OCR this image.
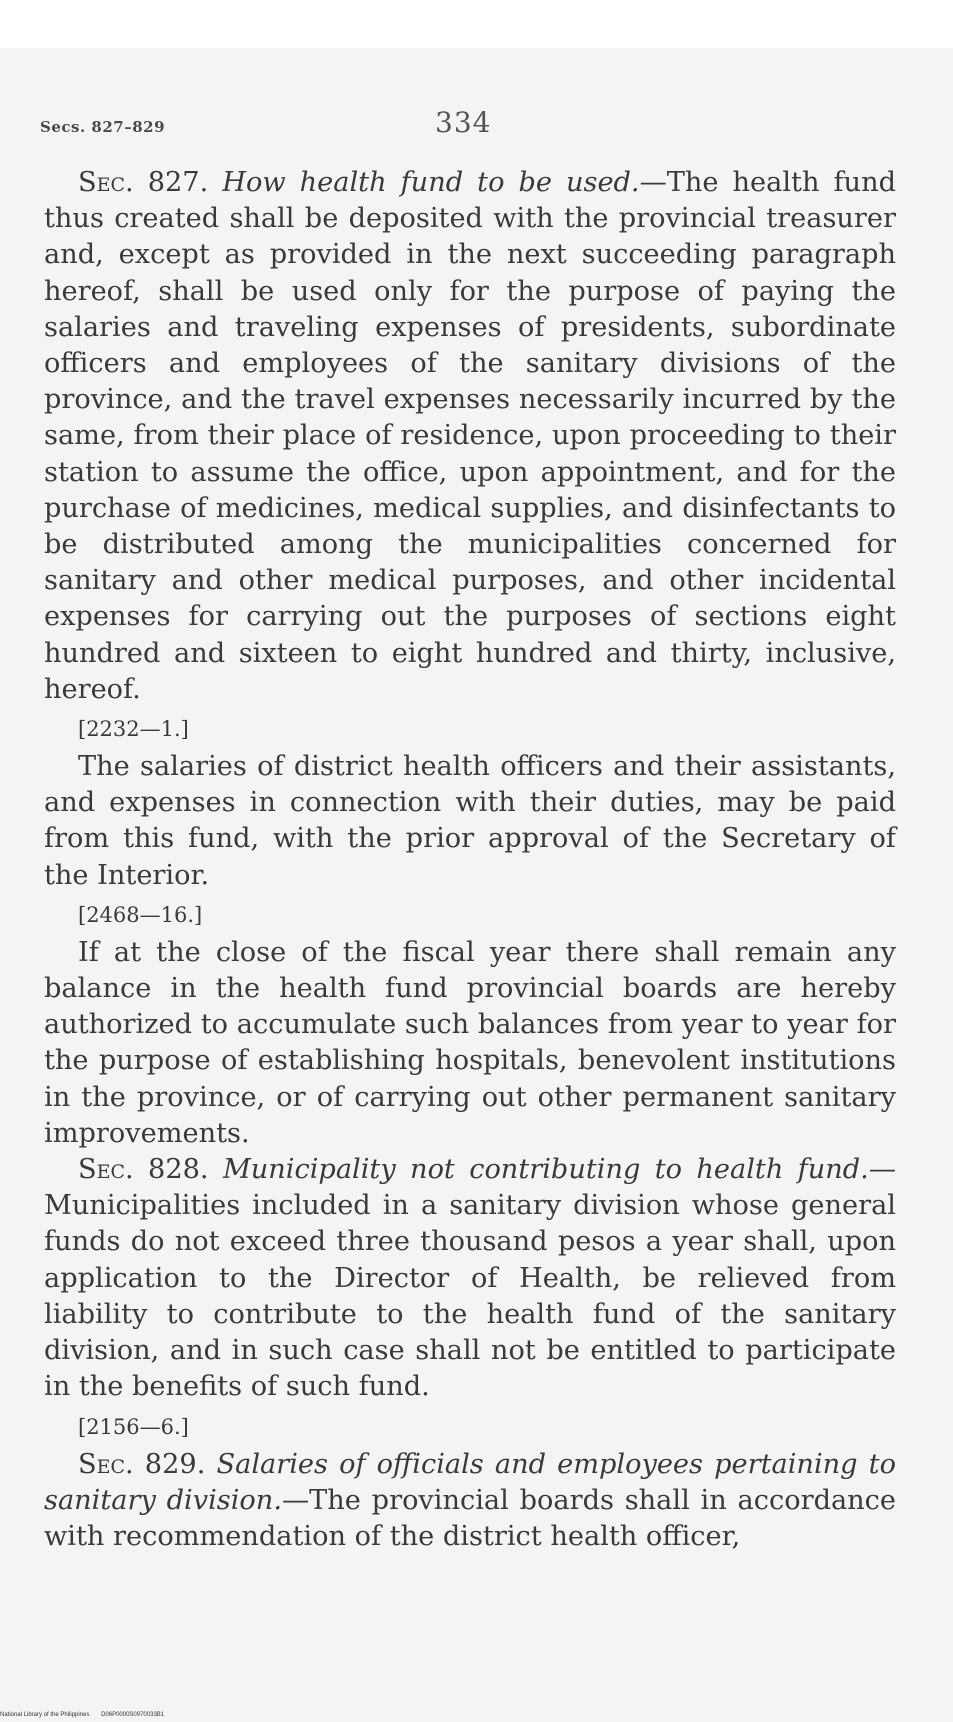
Secs. 827–829	334

Sec. 827. How health fund to be used.—The health fund thus created shall be deposited with the provincial treasurer and, except as provided in the next succeeding paragraph hereof, shall be used only for the purpose of paying the salaries and traveling expenses of presidents, subordinate officers and employees of the sanitary divisions of the province, and the travel expenses necessarily incurred by the same, from their place of residence, upon proceeding to their station to assume the office, upon appointment, and for the purchase of medicines, medical supplies, and disinfectants to be distributed among the municipalities concerned for sanitary and other medical purposes, and other incidental expenses for carrying out the purposes of sections eight hundred and sixteen to eight hundred and thirty, inclusive, hereof.

[2232—1.]

The salaries of district health officers and their assistants, and expenses in connection with their duties, may be paid from this fund, with the prior approval of the Secretary of the Interior.

[2468—16.]

If at the close of the fiscal year there shall remain any balance in the health fund provincial boards are hereby authorized to accumulate such balances from year to year for the purpose of establishing hospitals, benevolent institutions in the province, or of carrying out other permanent sanitary improvements.

Sec. 828. Municipality not contributing to health fund.—Municipalities included in a sanitary division whose general funds do not exceed three thousand pesos a year shall, upon application to the Director of Health, be relieved from liability to contribute to the health fund of the sanitary division, and in such case shall not be entitled to participate in the benefits of such fund.

[2156—6.]

Sec. 829. Salaries of officials and employees pertaining to sanitary division.—The provincial boards shall in accordance with recommendation of the district health officer,

National Library of the Philippines D06P0000S0970033B1
